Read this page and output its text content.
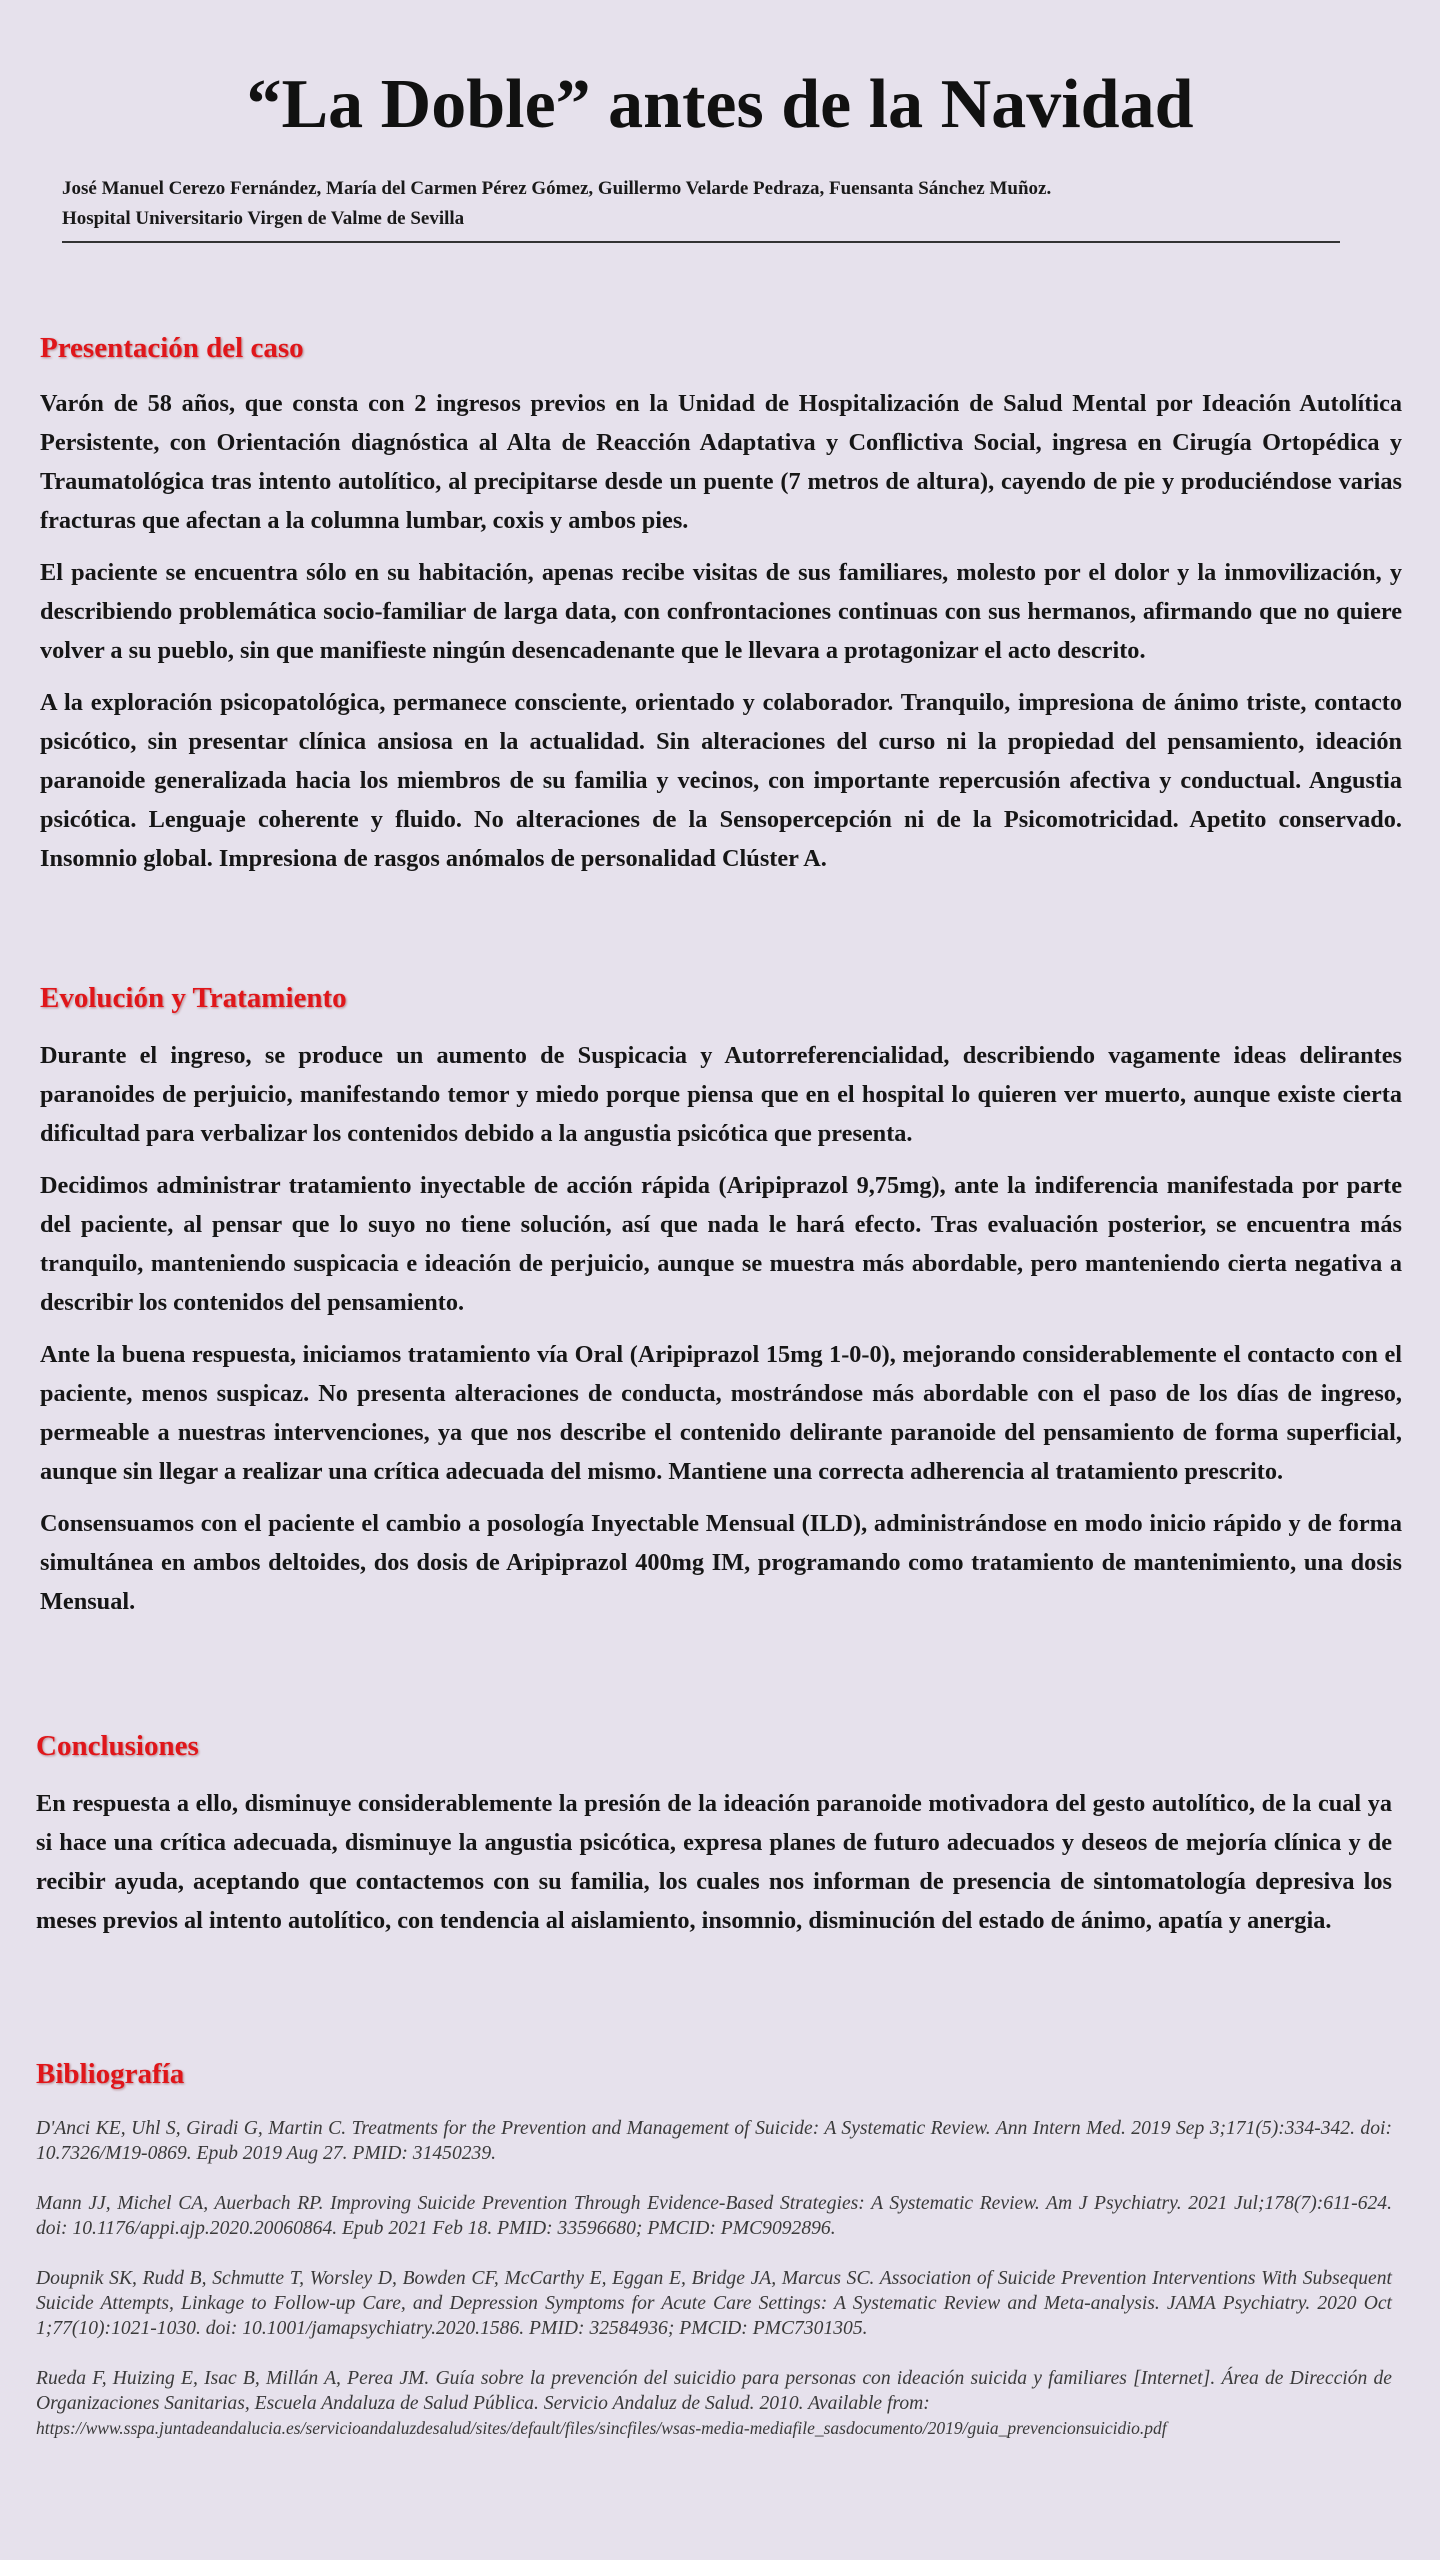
“La Doble” antes de la Navidad
José Manuel Cerezo Fernández, María del Carmen Pérez Gómez, Guillermo Velarde Pedraza, Fuensanta Sánchez Muñoz.
Hospital Universitario Virgen de Valme de Sevilla
Presentación del caso

Varón de 58 años, que consta con 2 ingresos previos en la Unidad de Hospitalización de Salud Mental por Ideación Autolítica Persistente, con Orientación diagnóstica al Alta de Reacción Adaptativa y Conflictiva Social, ingresa en Cirugía Ortopédica y Traumatológica tras intento autolítico, al precipitarse desde un puente (7 metros de altura), cayendo de pie y produciéndose varias fracturas que afectan a la columna lumbar, coxis y ambos pies.

El paciente se encuentra sólo en su habitación, apenas recibe visitas de sus familiares, molesto por el dolor y la inmovilización, y describiendo problemática socio-familiar de larga data, con confrontaciones continuas con sus hermanos, afirmando que no quiere volver a su pueblo, sin que manifieste ningún desencadenante que le llevara a protagonizar el acto descrito.

A la exploración psicopatológica, permanece consciente, orientado y colaborador. Tranquilo, impresiona de ánimo triste, contacto psicótico, sin presentar clínica ansiosa en la actualidad. Sin alteraciones del curso ni la propiedad del pensamiento, ideación paranoide generalizada hacia los miembros de su familia y vecinos, con importante repercusión afectiva y conductual. Angustia psicótica. Lenguaje coherente y fluido. No alteraciones de la Sensopercepción ni de la Psicomotricidad. Apetito conservado. Insomnio global. Impresiona de rasgos anómalos de personalidad Clúster A.

Evolución y Tratamiento

Durante el ingreso, se produce un aumento de Suspicacia y Autorreferencialidad, describiendo vagamente ideas delirantes paranoides de perjuicio, manifestando temor y miedo porque piensa que en el hospital lo quieren ver muerto, aunque existe cierta dificultad para verbalizar los contenidos debido a la angustia psicótica que presenta.

Decidimos administrar tratamiento inyectable de acción rápida (Aripiprazol 9,75mg), ante la indiferencia manifestada por parte del paciente, al pensar que lo suyo no tiene solución, así que nada le hará efecto. Tras evaluación posterior, se encuentra más tranquilo, manteniendo suspicacia e ideación de perjuicio, aunque se muestra más abordable, pero manteniendo cierta negativa a describir los contenidos del pensamiento.

Ante la buena respuesta, iniciamos tratamiento vía Oral (Aripiprazol 15mg 1-0-0), mejorando considerablemente el contacto con el paciente, menos suspicaz. No presenta alteraciones de conducta, mostrándose más abordable con el paso de los días de ingreso, permeable a nuestras intervenciones, ya que nos describe el contenido delirante paranoide del pensamiento de forma superficial, aunque sin llegar a realizar una crítica adecuada del mismo. Mantiene una correcta adherencia al tratamiento prescrito.

Consensuamos con el paciente el cambio a posología Inyectable Mensual (ILD), administrándose en modo inicio rápido y de forma simultánea en ambos deltoides, dos dosis de Aripiprazol 400mg IM, programando como tratamiento de mantenimiento, una dosis Mensual.

Conclusiones

En respuesta a ello, disminuye considerablemente la presión de la ideación paranoide motivadora del gesto autolítico, de la cual ya si hace una crítica adecuada, disminuye la angustia psicótica, expresa planes de futuro adecuados y deseos de mejoría clínica y de recibir ayuda, aceptando que contactemos con su familia, los cuales nos informan de presencia de sintomatología depresiva los meses previos al intento autolítico, con tendencia al aislamiento, insomnio, disminución del estado de ánimo, apatía y anergia.

Bibliografía

D'Anci KE, Uhl S, Giradi G, Martin C. Treatments for the Prevention and Management of Suicide: A Systematic Review. Ann Intern Med. 2019 Sep 3;171(5):334-342. doi: 10.7326/M19-0869. Epub 2019 Aug 27. PMID: 31450239.

Mann JJ, Michel CA, Auerbach RP. Improving Suicide Prevention Through Evidence-Based Strategies: A Systematic Review. Am J Psychiatry. 2021 Jul;178(7):611-624. doi: 10.1176/appi.ajp.2020.20060864. Epub 2021 Feb 18. PMID: 33596680; PMCID: PMC9092896.

Doupnik SK, Rudd B, Schmutte T, Worsley D, Bowden CF, McCarthy E, Eggan E, Bridge JA, Marcus SC. Association of Suicide Prevention Interventions With Subsequent Suicide Attempts, Linkage to Follow-up Care, and Depression Symptoms for Acute Care Settings: A Systematic Review and Meta-analysis. JAMA Psychiatry. 2020 Oct 1;77(10):1021-1030. doi: 10.1001/jamapsychiatry.2020.1586. PMID: 32584936; PMCID: PMC7301305.

Rueda F, Huizing E, Isac B, Millán A, Perea JM. Guía sobre la prevención del suicidio para personas con ideación suicida y familiares [Internet]. Área de Dirección de Organizaciones Sanitarias, Escuela Andaluza de Salud Pública. Servicio Andaluz de Salud. 2010. Available from:
https://www.sspa.juntadeandalucia.es/servicioandaluzdesalud/sites/default/files/sincfiles/wsas-media-mediafile_sasdocumento/2019/guia_prevencionsuicidio.pdf
